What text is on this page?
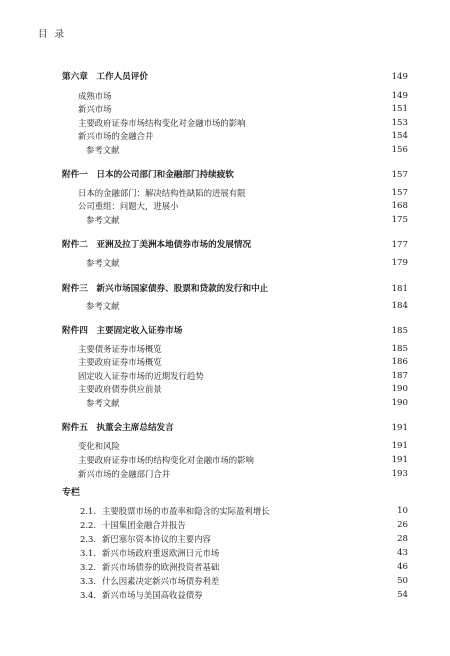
目 录
第六章　工作人员评价	149
成熟市场	149
新兴市场	151
主要政府证券市场结构变化对金融市场的影响	153
新兴市场的金融合并	154
参考文献	156
附件一　日本的公司部门和金融部门持续疲软	157
日本的金融部门：解决结构性缺陷的进展有限	157
公司重组：问题大，进展小	168
参考文献	175
附件二　亚洲及拉丁美洲本地债券市场的发展情况	177
参考文献	179
附件三　新兴市场国家债券、股票和贷款的发行和中止	181
参考文献	184
附件四　主要固定收入证券市场	185
主要债务证券市场概览	185
主要政府证券市场概览	186
固定收入证券市场的近期发行趋势	187
主要政府债券供应前景	190
参考文献	190
附件五　执董会主席总结发言	191
变化和风险	191
主要政府证券市场的结构变化对金融市场的影响	191
新兴市场的金融部门合并	193
专栏
2.1. 主要股票市场的市盈率和隐含的实际盈利增长	10
2.2. 十国集团金融合并报告	26
2.3. 新巴塞尔资本协议的主要内容	28
3.1. 新兴市场政府重返欧洲日元市场	43
3.2. 新兴市场债券的欧洲投资者基础	46
3.3. 什么因素决定新兴市场债券利差	50
3.4. 新兴市场与美国高收益债券	54
